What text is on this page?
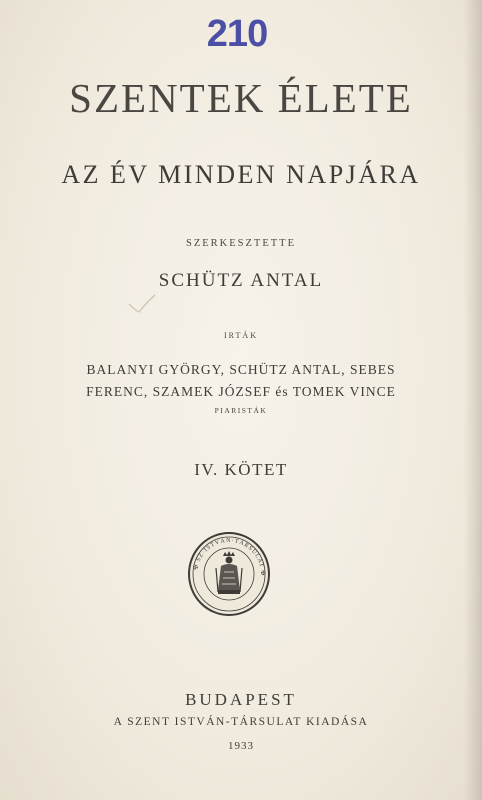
210
SZENTEK ÉLETE
AZ ÉV MINDEN NAPJÁRA
SZERKESZTETTE
SCHÜTZ ANTAL
IRTÁK
BALANYI GYÖRGY, SCHÜTZ ANTAL, SEBES
FERENC, SZAMEK JÓZSEF és TOMEK VINCE
PIARISTÁK
IV. KÖTET
✠ SZ·ISTVÁN·TÁRSULAT ✠
BUDAPEST
A SZENT ISTVÁN-TÁRSULAT KIADÁSA
1933
